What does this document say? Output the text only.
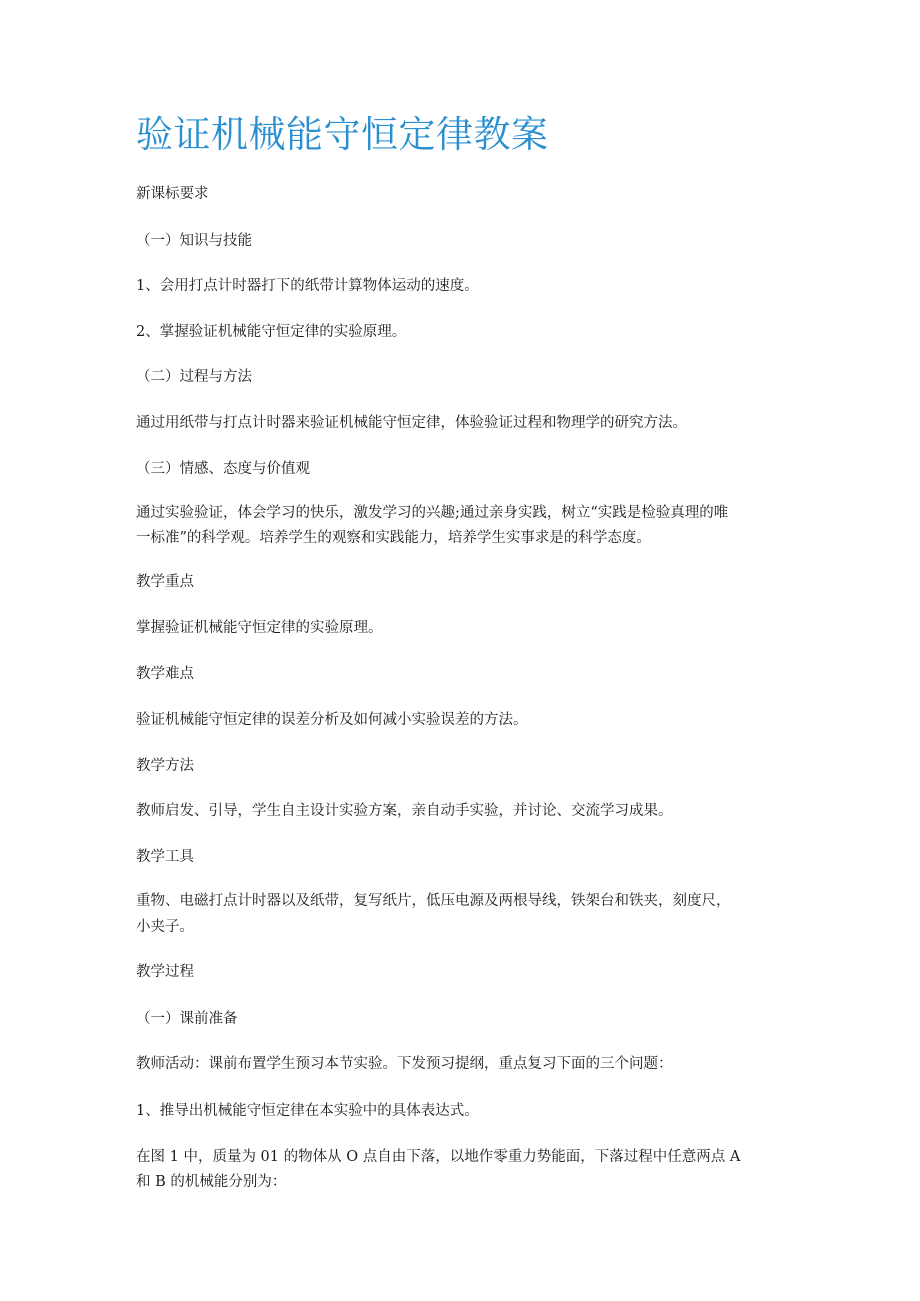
验证机械能守恒定律教案

新课标要求

（一）知识与技能

1、会用打点计时器打下的纸带计算物体运动的速度。

2、掌握验证机械能守恒定律的实验原理。

（二）过程与方法

通过用纸带与打点计时器来验证机械能守恒定律，体验验证过程和物理学的研究方法。

（三）情感、态度与价值观

通过实验验证，体会学习的快乐，激发学习的兴趣;通过亲身实践，树立“实践是检验真理的唯

一标准”的科学观。培养学生的观察和实践能力，培养学生实事求是的科学态度。

教学重点

掌握验证机械能守恒定律的实验原理。

教学难点

验证机械能守恒定律的误差分析及如何减小实验误差的方法。

教学方法

教师启发、引导，学生自主设计实验方案，亲自动手实验，并讨论、交流学习成果。

教学工具

重物、电磁打点计时器以及纸带，复写纸片，低压电源及两根导线，铁架台和铁夹，刻度尺，

小夹子。

教学过程

（一）课前准备

教师活动：课前布置学生预习本节实验。下发预习提纲，重点复习下面的三个问题：

1、推导出机械能守恒定律在本实验中的具体表达式。

在图 1 中，质量为 01 的物体从 O 点自由下落，以地作零重力势能面，下落过程中任意两点 A

和 B 的机械能分别为：
